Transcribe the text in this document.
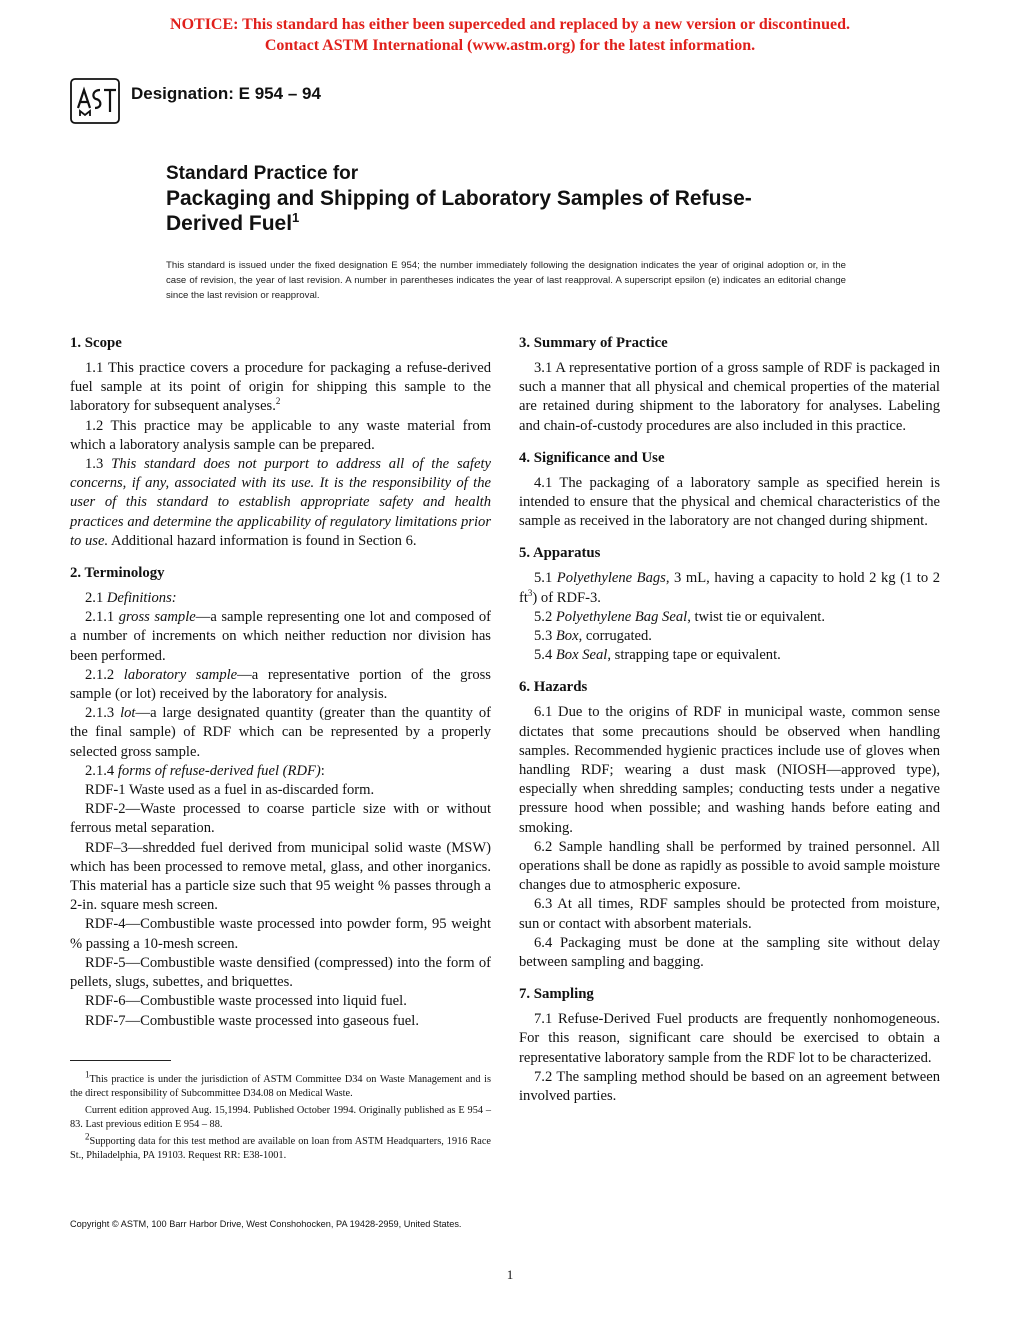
NOTICE: This standard has either been superceded and replaced by a new version or discontinued.
Contact ASTM International (www.astm.org) for the latest information.
Designation: E 954 – 94
Standard Practice for
Packaging and Shipping of Laboratory Samples of Refuse-
Derived Fuel$^1$
This standard is issued under the fixed designation E 954; the number immediately following the designation indicates the year of original adoption or, in the case of revision, the year of last revision. A number in parentheses indicates the year of last reapproval. A superscript epsilon (e) indicates an editorial change since the last revision or reapproval.
1. Scope

1.1 This practice covers a procedure for packaging a refuse-derived fuel sample at its point of origin for shipping this sample to the laboratory for subsequent analyses.$^2$

1.2 This practice may be applicable to any waste material from which a laboratory analysis sample can be prepared.

1.3 This standard does not purport to address all of the safety concerns, if any, associated with its use. It is the responsibility of the user of this standard to establish appropriate safety and health practices and determine the applicability of regulatory limitations prior to use. Additional hazard information is found in Section 6.

2. Terminology

2.1 Definitions:

2.1.1 gross sample—a sample representing one lot and composed of a number of increments on which neither reduction nor division has been performed.

2.1.2 laboratory sample—a representative portion of the gross sample (or lot) received by the laboratory for analysis.

2.1.3 lot—a large designated quantity (greater than the quantity of the final sample) of RDF which can be represented by a properly selected gross sample.

2.1.4 forms of refuse-derived fuel (RDF):

RDF-1 Waste used as a fuel in as-discarded form.

RDF-2—Waste processed to coarse particle size with or without ferrous metal separation.

RDF–3—shredded fuel derived from municipal solid waste (MSW) which has been processed to remove metal, glass, and other inorganics. This material has a particle size such that 95 weight % passes through a 2-in. square mesh screen.

RDF-4—Combustible waste processed into powder form, 95 weight % passing a 10-mesh screen.

RDF-5—Combustible waste densified (compressed) into the form of pellets, slugs, subettes, and briquettes.

RDF-6—Combustible waste processed into liquid fuel.

RDF-7—Combustible waste processed into gaseous fuel.

3. Summary of Practice

3.1 A representative portion of a gross sample of RDF is packaged in such a manner that all physical and chemical properties of the material are retained during shipment to the laboratory for analyses. Labeling and chain-of-custody procedures are also included in this practice.

4. Significance and Use

4.1 The packaging of a laboratory sample as specified herein is intended to ensure that the physical and chemical characteristics of the sample as received in the laboratory are not changed during shipment.

5. Apparatus

5.1 Polyethylene Bags, 3 mL, having a capacity to hold 2 kg (1 to 2 $ft^3$) of RDF-3.

5.2 Polyethylene Bag Seal, twist tie or equivalent.

5.3 Box, corrugated.

5.4 Box Seal, strapping tape or equivalent.

6. Hazards

6.1 Due to the origins of RDF in municipal waste, common sense dictates that some precautions should be observed when handling samples. Recommended hygienic practices include use of gloves when handling RDF; wearing a dust mask (NIOSH—approved type), especially when shredding samples; conducting tests under a negative pressure hood when possible; and washing hands before eating and smoking.

6.2 Sample handling shall be performed by trained personnel. All operations shall be done as rapidly as possible to avoid sample moisture changes due to atmospheric exposure.

6.3 At all times, RDF samples should be protected from moisture, sun or contact with absorbent materials.

6.4 Packaging must be done at the sampling site without delay between sampling and bagging.

7. Sampling

7.1 Refuse-Derived Fuel products are frequently nonhomogeneous. For this reason, significant care should be exercised to obtain a representative laboratory sample from the RDF lot to be characterized.

7.2 The sampling method should be based on an agreement between involved parties.

$^1$This practice is under the jurisdiction of ASTM Committee D34 on Waste Management and is the direct responsibility of Subcommittee D34.08 on Medical Waste.

Current edition approved Aug. 15,1994. Published October 1994. Originally published as E 954 – 83. Last previous edition E 954 – 88.

$^2$Supporting data for this test method are available on loan from ASTM Headquarters, 1916 Race St., Philadelphia, PA 19103. Request RR: E38-1001.

Copyright © ASTM, 100 Barr Harbor Drive, West Conshohocken, PA 19428-2959, United States.
1
